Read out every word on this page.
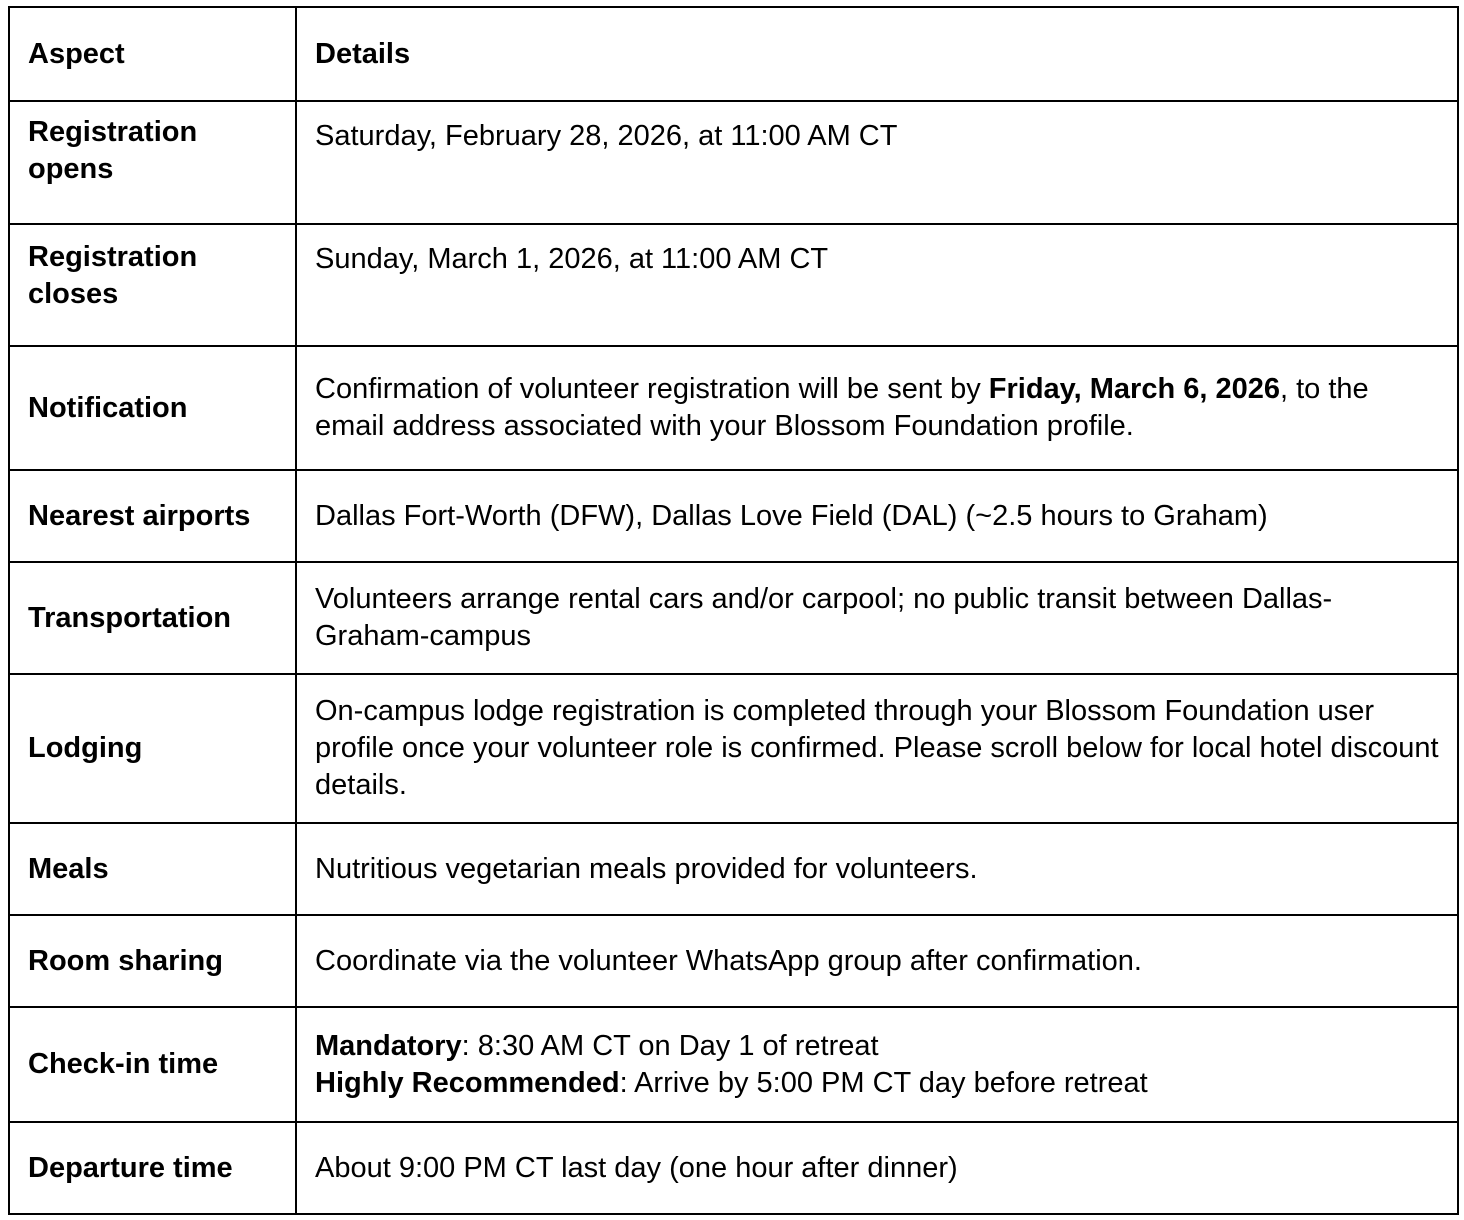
Aspect	Details
Registration opens	Saturday, February 28, 2026, at 11:00 AM CT
Registration closes	Sunday, March 1, 2026, at 11:00 AM CT
Notification	Confirmation of volunteer registration will be sent by Friday, March 6, 2026, to the email address associated with your Blossom Foundation profile.
Nearest airports	Dallas Fort-Worth (DFW), Dallas Love Field (DAL) (~2.5 hours to Graham)
Transportation	Volunteers arrange rental cars and/or carpool; no public transit between Dallas-Graham-campus
Lodging	On-campus lodge registration is completed through your Blossom Foundation user profile once your volunteer role is confirmed. Please scroll below for local hotel discount details.
Meals	Nutritious vegetarian meals provided for volunteers.
Room sharing	Coordinate via the volunteer WhatsApp group after confirmation.
Check-in time	Mandatory: 8:30 AM CT on Day 1 of retreat
Highly Recommended: Arrive by 5:00 PM CT day before retreat

Departure time	About 9:00 PM CT last day (one hour after dinner)
